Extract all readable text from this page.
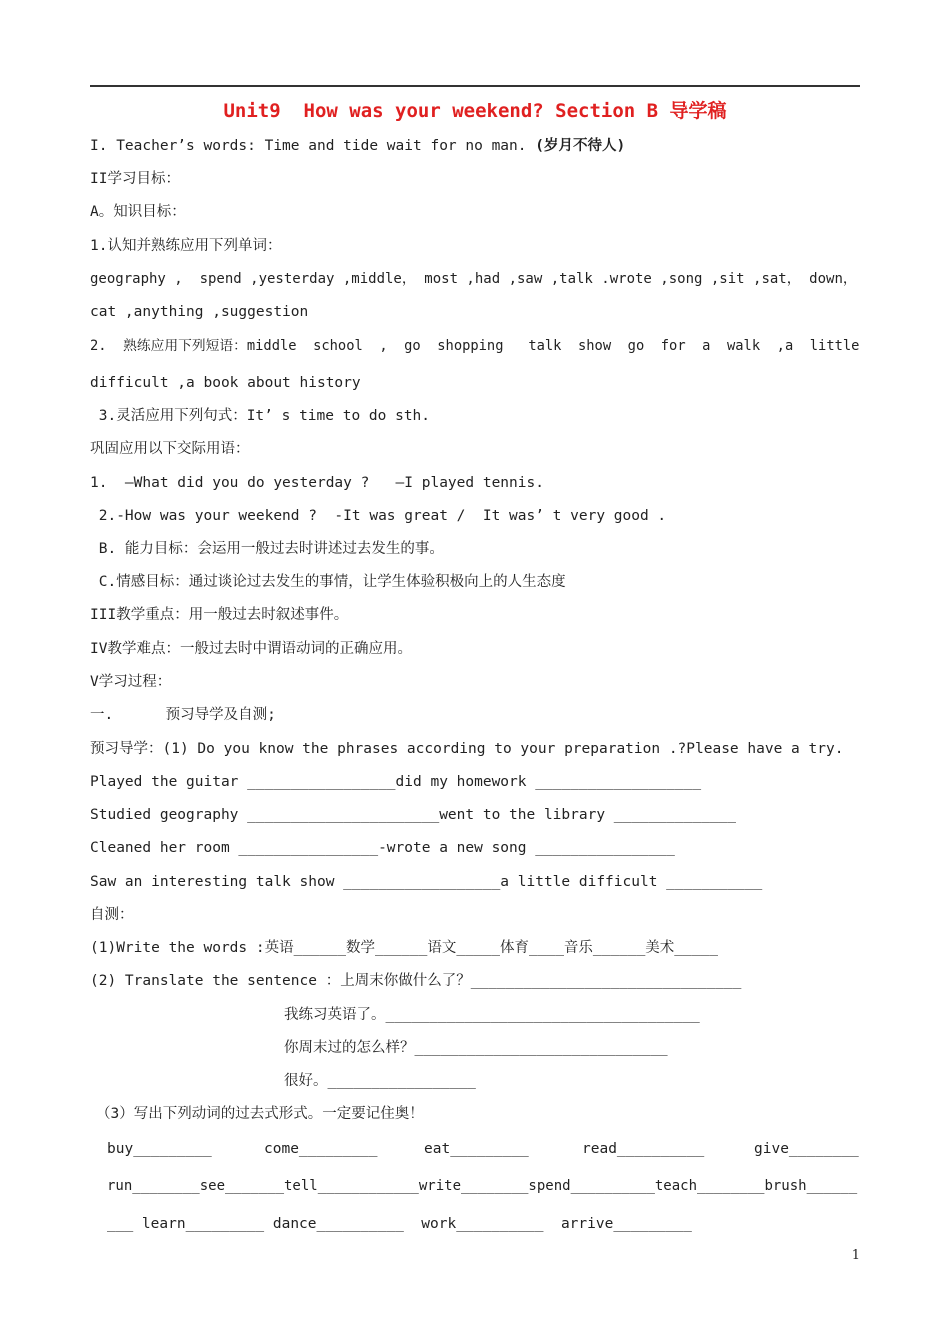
Unit9  How was your weekend? Section B 导学稿
I. Teacher’s words: Time and tide wait for no man. (岁月不待人)
II学习目标：
A。知识目标：
1.认知并熟练应用下列单词：
geography ,  spend ,yesterday ,middle， most ,had ,saw ,talk .wrote ,song ,sit ,sat， down，
cat ,anything ,suggestion
2.  熟练应用下列短语：middle  school  ,  go  shopping   talk  show  go  for  a  walk  ,a  little
difficult ,a book about history
3.灵活应用下列句式：It’ s time to do sth.
巩固应用以下交际用语：
1.  —What did you do yesterday ?   —I played tennis.
2.-How was your weekend ?  -It was great /  It was’ t very good .
B. 能力目标：会运用一般过去时讲述过去发生的事。
C.情感目标：通过谈论过去发生的事情，让学生体验积极向上的人生态度
III教学重点：用一般过去时叙述事件。
IV教学难点：一般过去时中谓语动词的正确应用。
V学习过程：
一.      预习导学及自测;
预习导学：(1) Do you know the phrases according to your preparation .?Please have a try.
Played the guitar _________________did my homework ___________________
Studied geography ______________________went to the library ______________
Cleaned her room ________________-wrote a new song ________________
Saw an interesting talk show __________________a little difficult ___________
自测：
(1)Write the words :英语______数学______语文_____体育____音乐______美术_____
(2) Translate the sentence ：上周末你做什么了？_______________________________
我练习英语了。____________________________________
你周末过的怎么样？_____________________________
很好。_________________
（3）写出下列动词的过去式形式。一定要记住奥！
buy_________	come_________	eat_________	read__________	give________
run________see_______tell____________write________spend__________teach________brush______
___ learn_________ dance__________  work__________  arrive_________
1
